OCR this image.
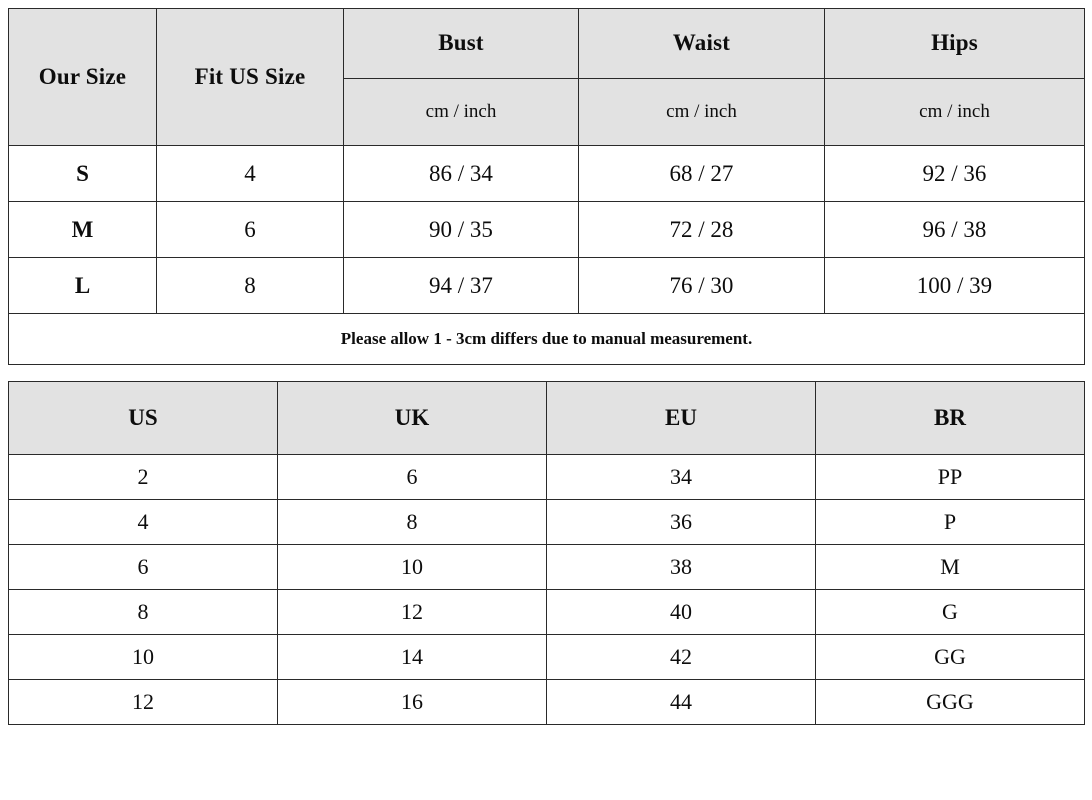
Our Size	Fit US Size	Bust	Waist	Hips
		cm / inch	cm / inch	cm / inch
S	4	86 / 34	68 / 27	92 / 36
M	6	90 / 35	72 / 28	96 / 38
L	8	94 / 37	76 / 30	100 / 39
Please allow 1 - 3cm differs due to manual measurement.				
US	UK	EU	BR
2	6	34	PP
4	8	36	P
6	10	38	M
8	12	40	G
10	14	42	GG
12	16	44	GGG
